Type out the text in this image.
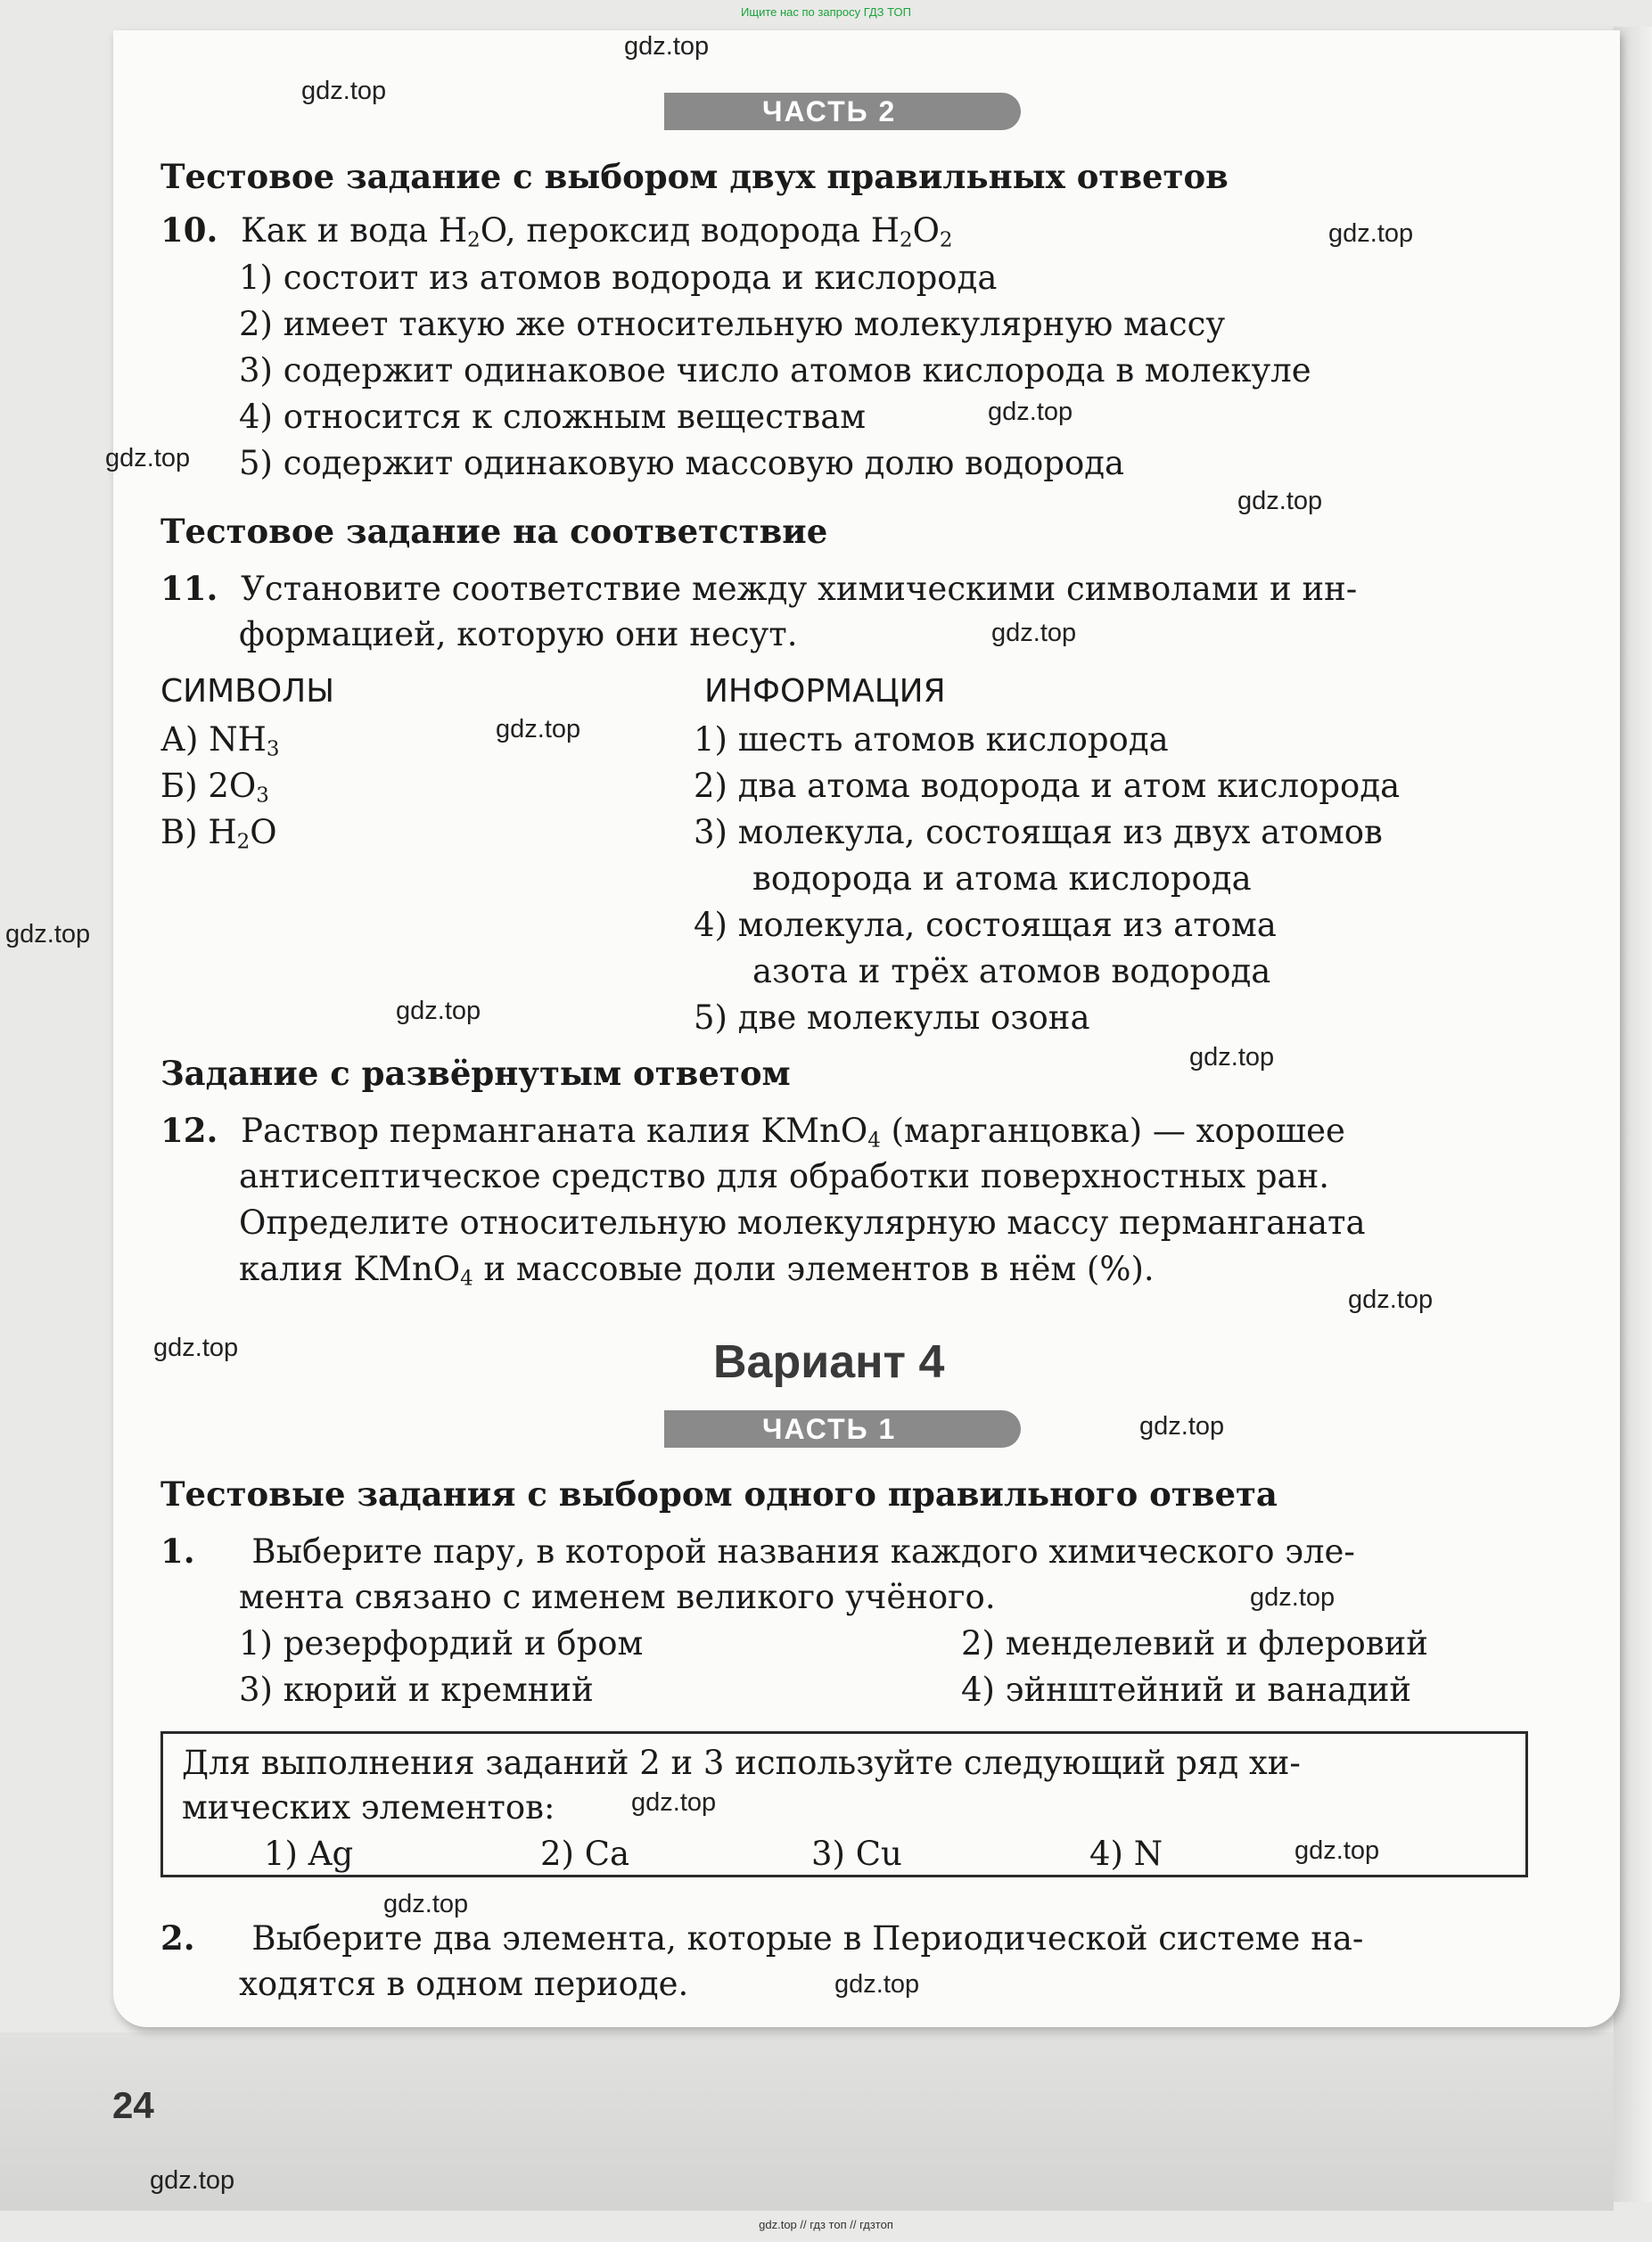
Ищите нас по запросу ГДЗ ТОП
ЧАСТЬ 2
Тестовое задание с выбором двух правильных ответов
10. Как и вода $H_2O$, пероксид водорода $H_2O_2$
1) состоит из атомов водорода и кислорода
2) имеет такую же относительную молекулярную массу
3) содержит одинаковое число атомов кислорода в молекуле
4) относится к сложным веществам
5) содержит одинаковую массовую долю водорода
Тестовое задание на соответствие
11. Установите соответствие между химическими символами и ин-
формацией, которую они несут.
СИМВОЛЫ	ИНФОРМАЦИЯ
А) $NH_3$
Б) $2O_3$
В) $H_2O$
1) шесть атомов кислорода
2) два атома водорода и атом кислорода
3) молекула, состоящая из двух атомов
водорода и атома кислорода
4) молекула, состоящая из атома
азота и трёх атомов водорода
5) две молекулы озона
Задание с развёрнутым ответом
12. Раствор перманганата калия KMnO$_4$ (марганцовка) — хорошее
антисептическое средство для обработки поверхностных ран.
Определите относительную молекулярную массу перманганата
калия KMnO$_4$ и массовые доли элементов в нём (%).
Вариант 4
ЧАСТЬ 1
Тестовые задания с выбором одного правильного ответа
1. Выберите пару, в которой названия каждого химического эле-
мента связано с именем великого учёного.
1) резерфордий и бром	2) менделевий и флеровий
3) кюрий и кремний	4) эйнштейний и ванадий
Для выполнения заданий 2 и 3 используйте следующий ряд хи-
мических элементов:
1) Ag	2) Ca	3) Cu	4) N
2. Выберите два элемента, которые в Периодической системе на-
ходятся в одном периоде.
24
gdz.top
gdz.top
gdz.top
gdz.top
gdz.top
gdz.top
gdz.top
gdz.top
gdz.top
gdz.top
gdz.top
gdz.top
gdz.top
gdz.top
gdz.top
gdz.top
gdz.top
gdz.top
gdz.top
gdz.top
gdz.top // гдз топ // гдзтоп
